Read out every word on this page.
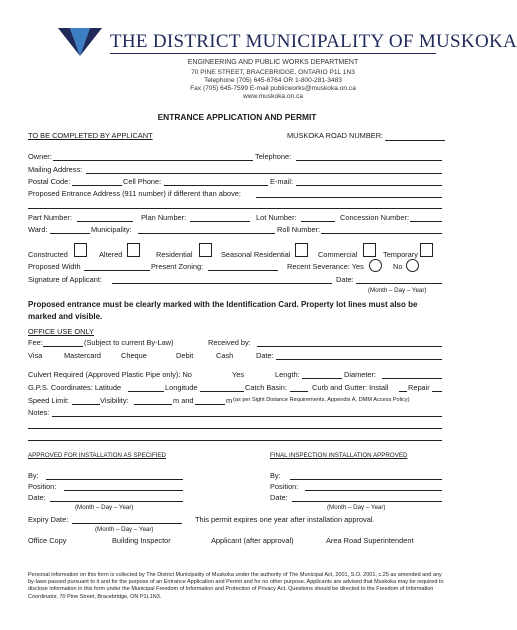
THE DISTRICT MUNICIPALITY OF MUSKOKA
ENGINEERING AND PUBLIC WORKS DEPARTMENT
70 PINE STREET, BRACEBRIDGE, ONTARIO P1L 1N3
Telephone (705) 645-6764 OR 1-800-281-3483
Fax (705) 645-7599 E-mail publicworks@muskoka.on.ca
www.muskoka.on.ca
ENTRANCE APPLICATION AND PERMIT
TO BE COMPLETED BY APPLICANT	MUSKOKA ROAD NUMBER:
Owner:	Telephone:
Mailing Address:
Postal Code:	Cell Phone:	E-mail:
Proposed Entrance Address (911 number) if different than above:
Part Number:	Plan Number:	Lot Number:	Concession Number:
Ward:	Municipality:	Roll Number:
Constructed	Altered	Residential	Seasonal Residential	Commercial	Temporary
Proposed Width	Present Zoning:	Recent Severance: Yes	No
Signature of Applicant:	Date:
(Month – Day – Year)
Proposed entrance must be clearly marked with the Identification Card. Property lot lines must also be marked and visible.
OFFICE USE ONLY
Fee:	(Subject to current By-Law)	Received by:
Visa	Mastercard	Cheque	Debit	Cash	Date:
Culvert Required (Approved Plastic Pipe only): No	Yes	Length:	Diameter:
G.P.S. Coordinates: Latitude	Longitude	Catch Basin:	Curb and Gutter: Install	Repair
Speed Limit:	Visibility:	m and	m (as per Sight Distance Requirements, Appendix A, DMM Access Policy)
Notes:
APPROVED FOR INSTALLATION AS SPECIFIED	FINAL INSPECTION INSTALLATION APPROVED
By:	By:
Position:	Position:
Date:	Date:
(Month – Day – Year)	(Month – Day – Year)
Expiry Date:	This permit expires one year after installation approval.
(Month – Day – Year)
Office Copy	Building Inspector	Applicant (after approval)	Area Road Superintendent
Personal information on this form is collected by The District Municipality of Muskoka under the authority of The Municipal Act, 2001, S.O. 2001, c.25 as amended and any by-laws passed pursuant to it and for the purpose of an Entrance Application and Permit and for no other purpose. Applicants are advised that Muskoka may be required to disclose information in this form under the Municipal Freedom of Information and Protection of Privacy Act. Questions should be directed to the Freedom of Information Coordinator, 70 Pine Street, Bracebridge, ON P1L1N3.
